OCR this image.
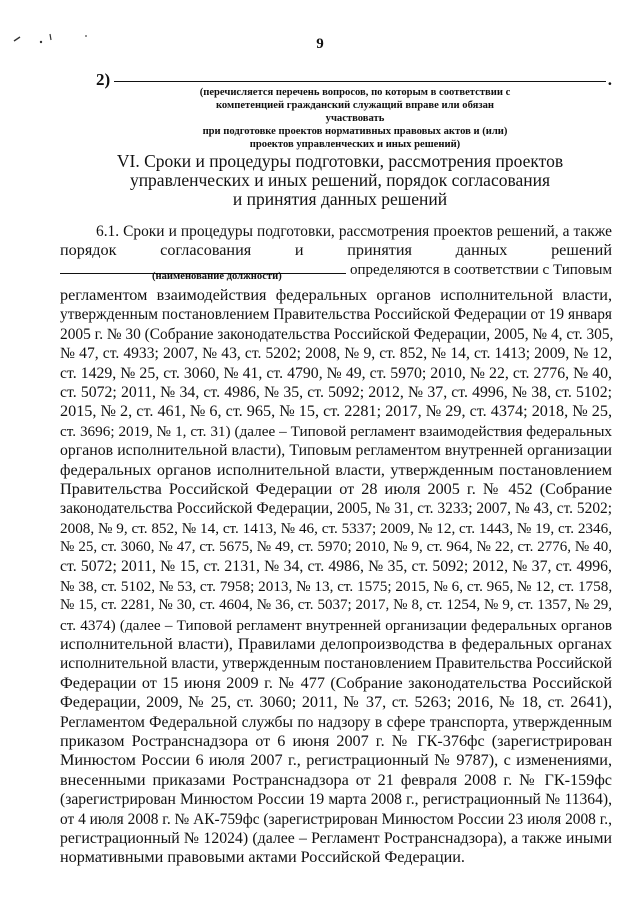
9
2)	.
(перечисляется перечень вопросов, по которым в соответствии с
компетенцией гражданский служащий вправе или обязан участвовать
при подготовке проектов нормативных правовых актов и (или)
проектов управленческих и иных решений)
VI. Сроки и процедуры подготовки, рассмотрения проектов
управленческих и иных решений, порядок согласования
и принятия данных решений
6.1. Сроки и процедуры подготовки, рассмотрения проектов решений, а также
порядок согласования и принятия данных решений
определяются в соответствии с Типовым
(наименование должности)
регламентом взаимодействия федеральных органов исполнительной власти,
утвержденным постановлением Правительства Российской Федерации от 19 января
2005 г. № 30 (Собрание законодательства Российской Федерации, 2005, № 4, ст. 305,
№ 47, ст. 4933; 2007, № 43, ст. 5202; 2008, № 9, ст. 852, № 14, ст. 1413; 2009, № 12,
ст. 1429, № 25, ст. 3060, № 41, ст. 4790, № 49, ст. 5970; 2010, № 22, ст. 2776, № 40,
ст. 5072; 2011, № 34, ст. 4986, № 35, ст. 5092; 2012, № 37, ст. 4996, № 38, ст. 5102;
2015, № 2, ст. 461, № 6, ст. 965, № 15, ст. 2281; 2017, № 29, ст. 4374; 2018, № 25,
ст. 3696; 2019, № 1, ст. 31) (далее – Типовой регламент взаимодействия федеральных
органов исполнительной власти), Типовым регламентом внутренней организации
федеральных органов исполнительной власти, утвержденным постановлением
Правительства Российской Федерации от 28 июля 2005 г. № 452 (Собрание
законодательства Российской Федерации, 2005, № 31, ст. 3233; 2007, № 43, ст. 5202;
2008, № 9, ст. 852, № 14, ст. 1413, № 46, ст. 5337; 2009, № 12, ст. 1443, № 19, ст. 2346,
№ 25, ст. 3060, № 47, ст. 5675, № 49, ст. 5970; 2010, № 9, ст. 964, № 22, ст. 2776, № 40,
ст. 5072; 2011, № 15, ст. 2131, № 34, ст. 4986, № 35, ст. 5092; 2012, № 37, ст. 4996,
№ 38, ст. 5102, № 53, ст. 7958; 2013, № 13, ст. 1575; 2015, № 6, ст. 965, № 12, ст. 1758,
№ 15, ст. 2281, № 30, ст. 4604, № 36, ст. 5037; 2017, № 8, ст. 1254, № 9, ст. 1357, № 29,
ст. 4374) (далее – Типовой регламент внутренней организации федеральных органов
исполнительной власти), Правилами делопроизводства в федеральных органах
исполнительной власти, утвержденным постановлением Правительства Российской
Федерации от 15 июня 2009 г. № 477 (Собрание законодательства Российской
Федерации, 2009, № 25, ст. 3060; 2011, № 37, ст. 5263; 2016, № 18, ст. 2641),
Регламентом Федеральной службы по надзору в сфере транспорта, утвержденным
приказом Ространснадзора от 6 июня 2007 г. № ГК-376фс (зарегистрирован
Минюстом России 6 июля 2007 г., регистрационный № 9787), с изменениями,
внесенными приказами Ространснадзора от 21 февраля 2008 г. № ГК-159фс
(зарегистрирован Минюстом России 19 марта 2008 г., регистрационный № 11364),
от 4 июля 2008 г. № АК-759фс (зарегистрирован Минюстом России 23 июля 2008 г.,
регистрационный № 12024) (далее – Регламент Ространснадзора), а также иными
нормативными правовыми актами Российской Федерации.
